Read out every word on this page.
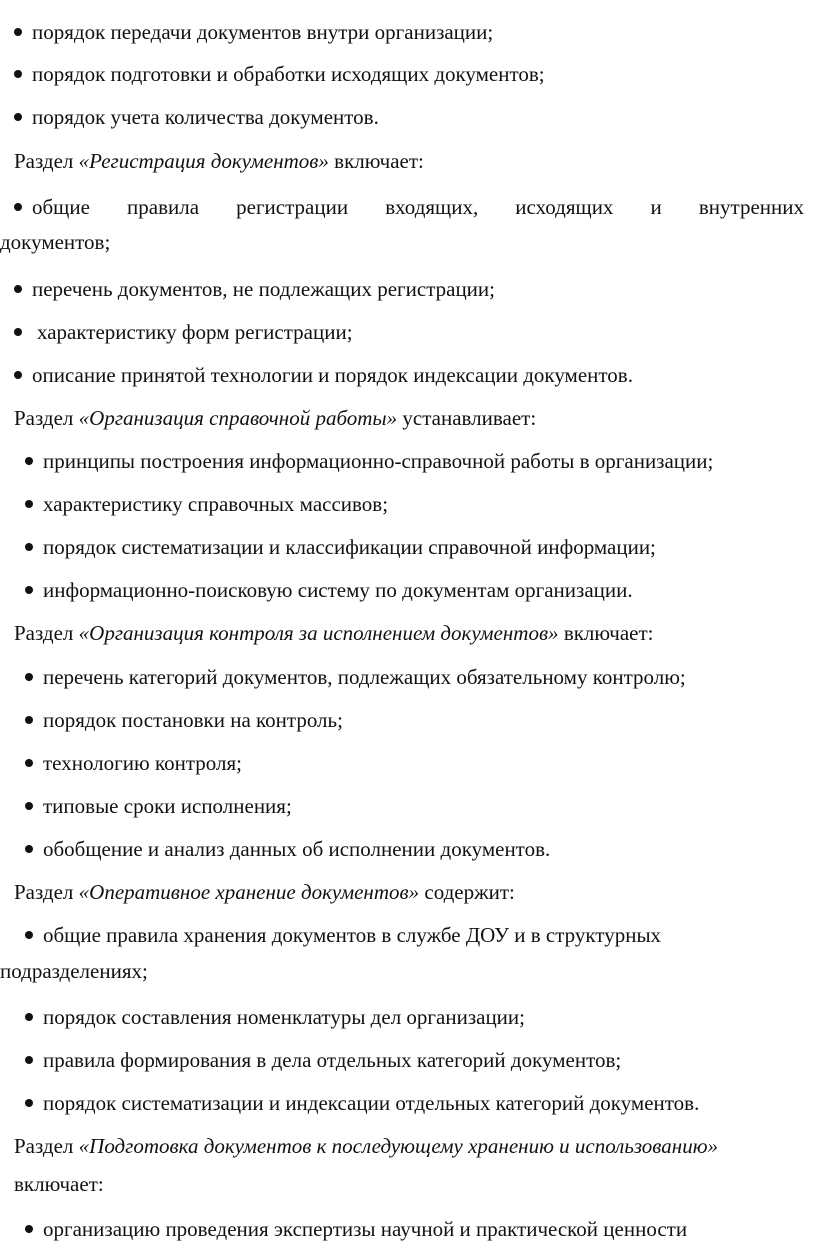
порядок передачи документов внутри организации;
порядок подготовки и обработки исходящих документов;
порядок учета количества документов.
Раздел «Регистрация документов» включает:
общие правила регистрации входящих, исходящих и внутренних
документов;
перечень документов, не подлежащих регистрации;
характеристику форм регистрации;
описание принятой технологии и порядок индексации документов.
Раздел «Организация справочной работы» устанавливает:
принципы построения информационно-справочной работы в организации;
характеристику справочных массивов;
порядок систематизации и классификации справочной информации;
информационно-поисковую систему по документам организации.
Раздел «Организация контроля за исполнением документов» включает:
перечень категорий документов, подлежащих обязательному контролю;
порядок постановки на контроль;
технологию контроля;
типовые сроки исполнения;
обобщение и анализ данных об исполнении документов.
Раздел «Оперативное хранение документов» содержит:
общие правила хранения документов в службе ДОУ и в структурных
подразделениях;
порядок составления номенклатуры дел организации;
правила формирования в дела отдельных категорий документов;
порядок систематизации и индексации отдельных категорий документов.
Раздел «Подготовка документов к последующему хранению и использованию»
включает:
организацию проведения экспертизы научной и практической ценности
